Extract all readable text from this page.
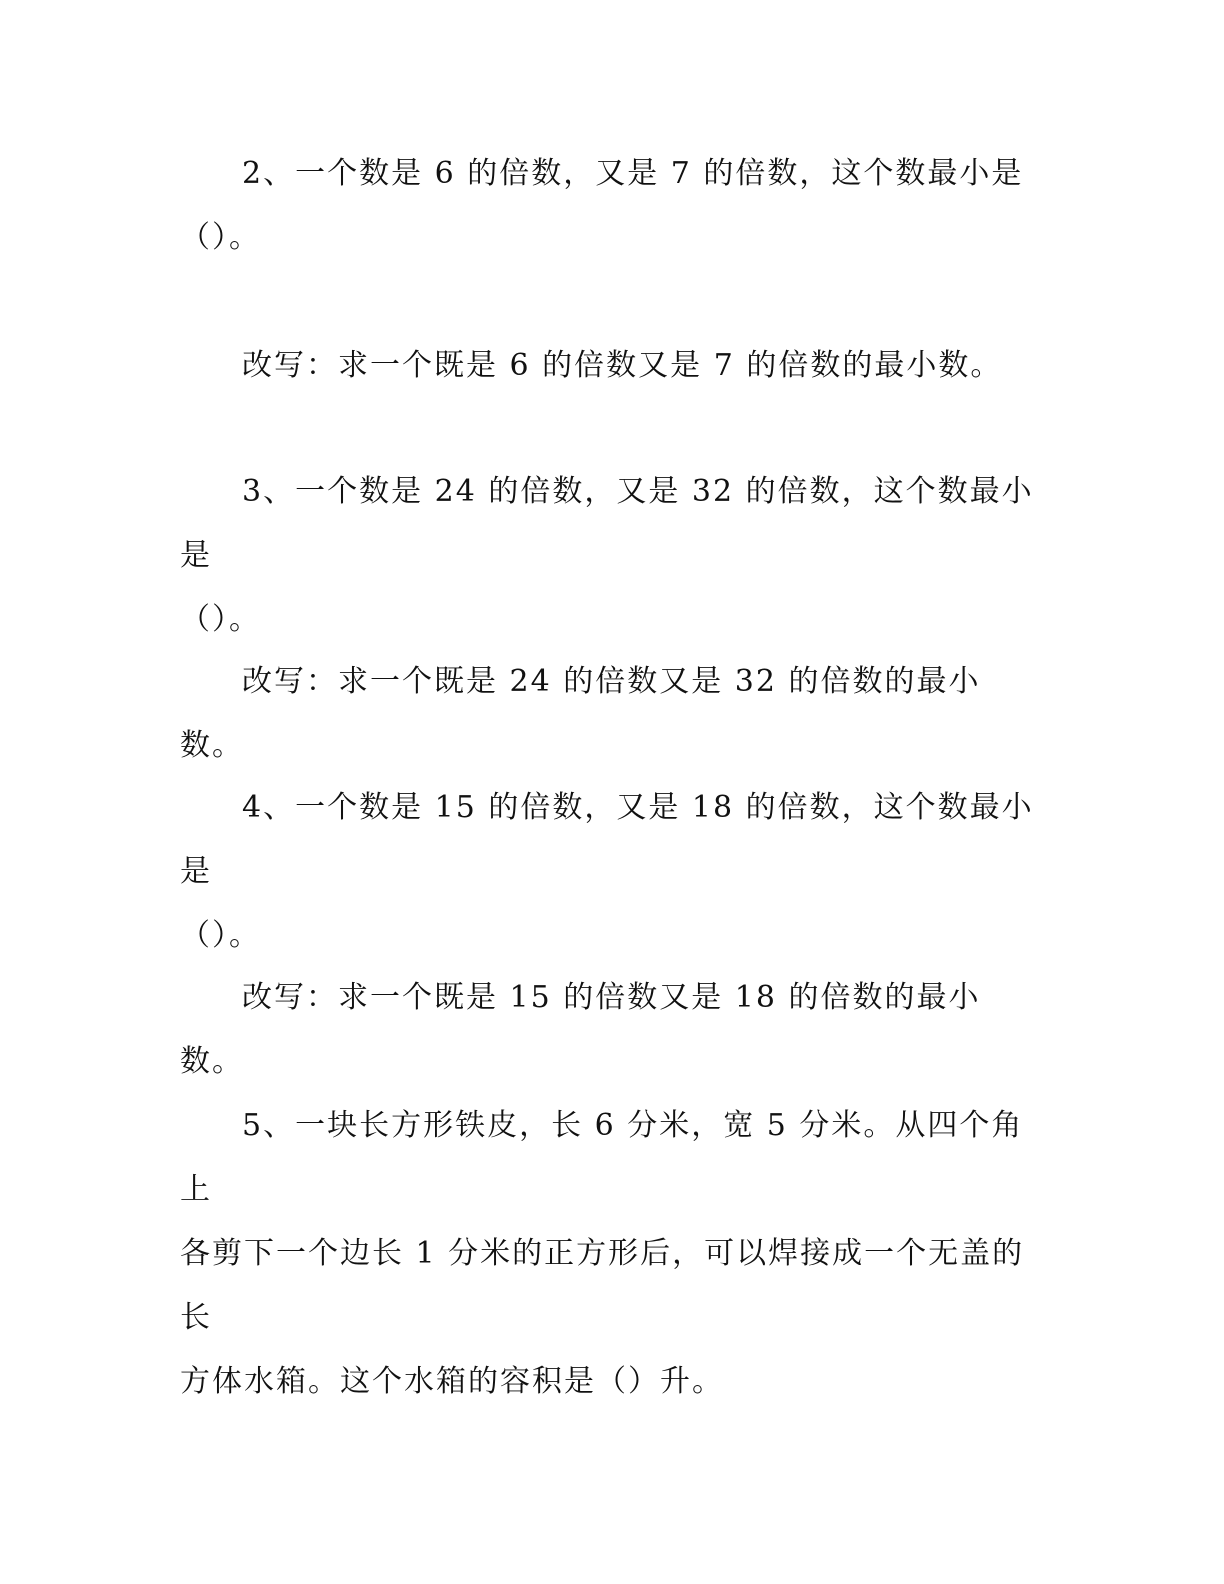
2、一个数是 6 的倍数，又是 7 的倍数，这个数最小是
（）。
改写：求一个既是 6 的倍数又是 7 的倍数的最小数。
3、一个数是 24 的倍数，又是 32 的倍数，这个数最小是
（）。
改写：求一个既是 24 的倍数又是 32 的倍数的最小数。
4、一个数是 15 的倍数，又是 18 的倍数，这个数最小是
（）。
改写：求一个既是 15 的倍数又是 18 的倍数的最小数。
5、一块长方形铁皮，长 6 分米，宽 5 分米。从四个角上
各剪下一个边长 1 分米的正方形后，可以焊接成一个无盖的长
方体水箱。这个水箱的容积是（）升。
